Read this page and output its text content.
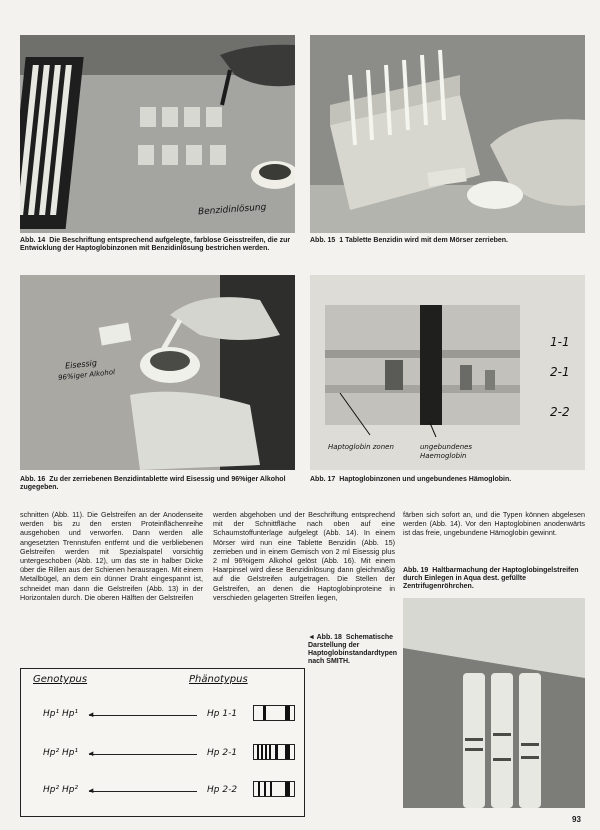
Benzidinlösung
Abb. 14 Die Beschriftung entsprechend aufgelegte, farblose Geisstreifen, die zur Entwicklung der Haptoglobinzonen mit Benzidinlösung bestrichen werden.
Abb. 15 1 Tablette Benzidin wird mit dem Mörser zerrieben.
Eisessig
96%iger Alkohol
1-1
2-1
2-2
Haptoglobin zonen	ungebundenes Haemoglobin
Abb. 16 Zu der zerriebenen Benzidintablette wird Eisessig und 96%iger Alkohol zugegeben.
Abb. 17 Haptoglobinzonen und ungebundenes Hämoglobin.

schnitten (Abb. 11). Die Gelstreifen an der Anodenseite werden bis zu den ersten Proteinflächenreihe ausgehoben und verworfen. Dann werden alle angesetzten Trennstufen entfernt und die verbliebenen Gelstreifen werden mit Spezialspatel vorsichtig untergeschoben (Abb. 12), um das ste in halber Dicke über die Rillen aus der Schienen herausragen. Mit einem Metallbügel, an dem ein dünner Draht eingespannt ist, schneidet man dann die Gelstreifen (Abb. 13) in der Horizontalen durch. Die oberen Hälften der Gelstreifen

werden abgehoben und der Beschriftung entsprechend mit der Schnittfläche nach oben auf eine Schaumstoffunterlage aufgelegt (Abb. 14). In einem Mörser wird nun eine Tablette Benzidin (Abb. 15) zerrieben und in einem Gemisch von 2 ml Eisessig plus 2 ml 96%igem Alkohol gelöst (Abb. 16). Mit einem Haarpinsel wird diese Benzidinlösung dann gleichmäßig auf die Gelstreifen aufgetragen. Die Stellen der Gelstreifen, an denen die Haptoglobinproteine in verschieden gelagerten Streifen liegen,

färben sich sofort an, und die Typen können abgelesen werden (Abb. 14). Vor den Haptoglobinen anodenwärts ist das freie, ungebundene Hämoglobin gewinnt.

Abb. 19 Haltbarmachung der Haptoglobingelstreifen durch Einlegen in Aqua dest. gefüllte Zentrifugenröhrchen.
◄ Abb. 18 Schematische Darstellung der Haptoglobinstandardtypen nach SMITH.
Genotypus	Phänotypus
Hp¹ Hp¹ ◄	Hp 1-1
Hp² Hp¹ ◄	Hp 2-1
Hp² Hp² ◄	Hp 2-2
93
